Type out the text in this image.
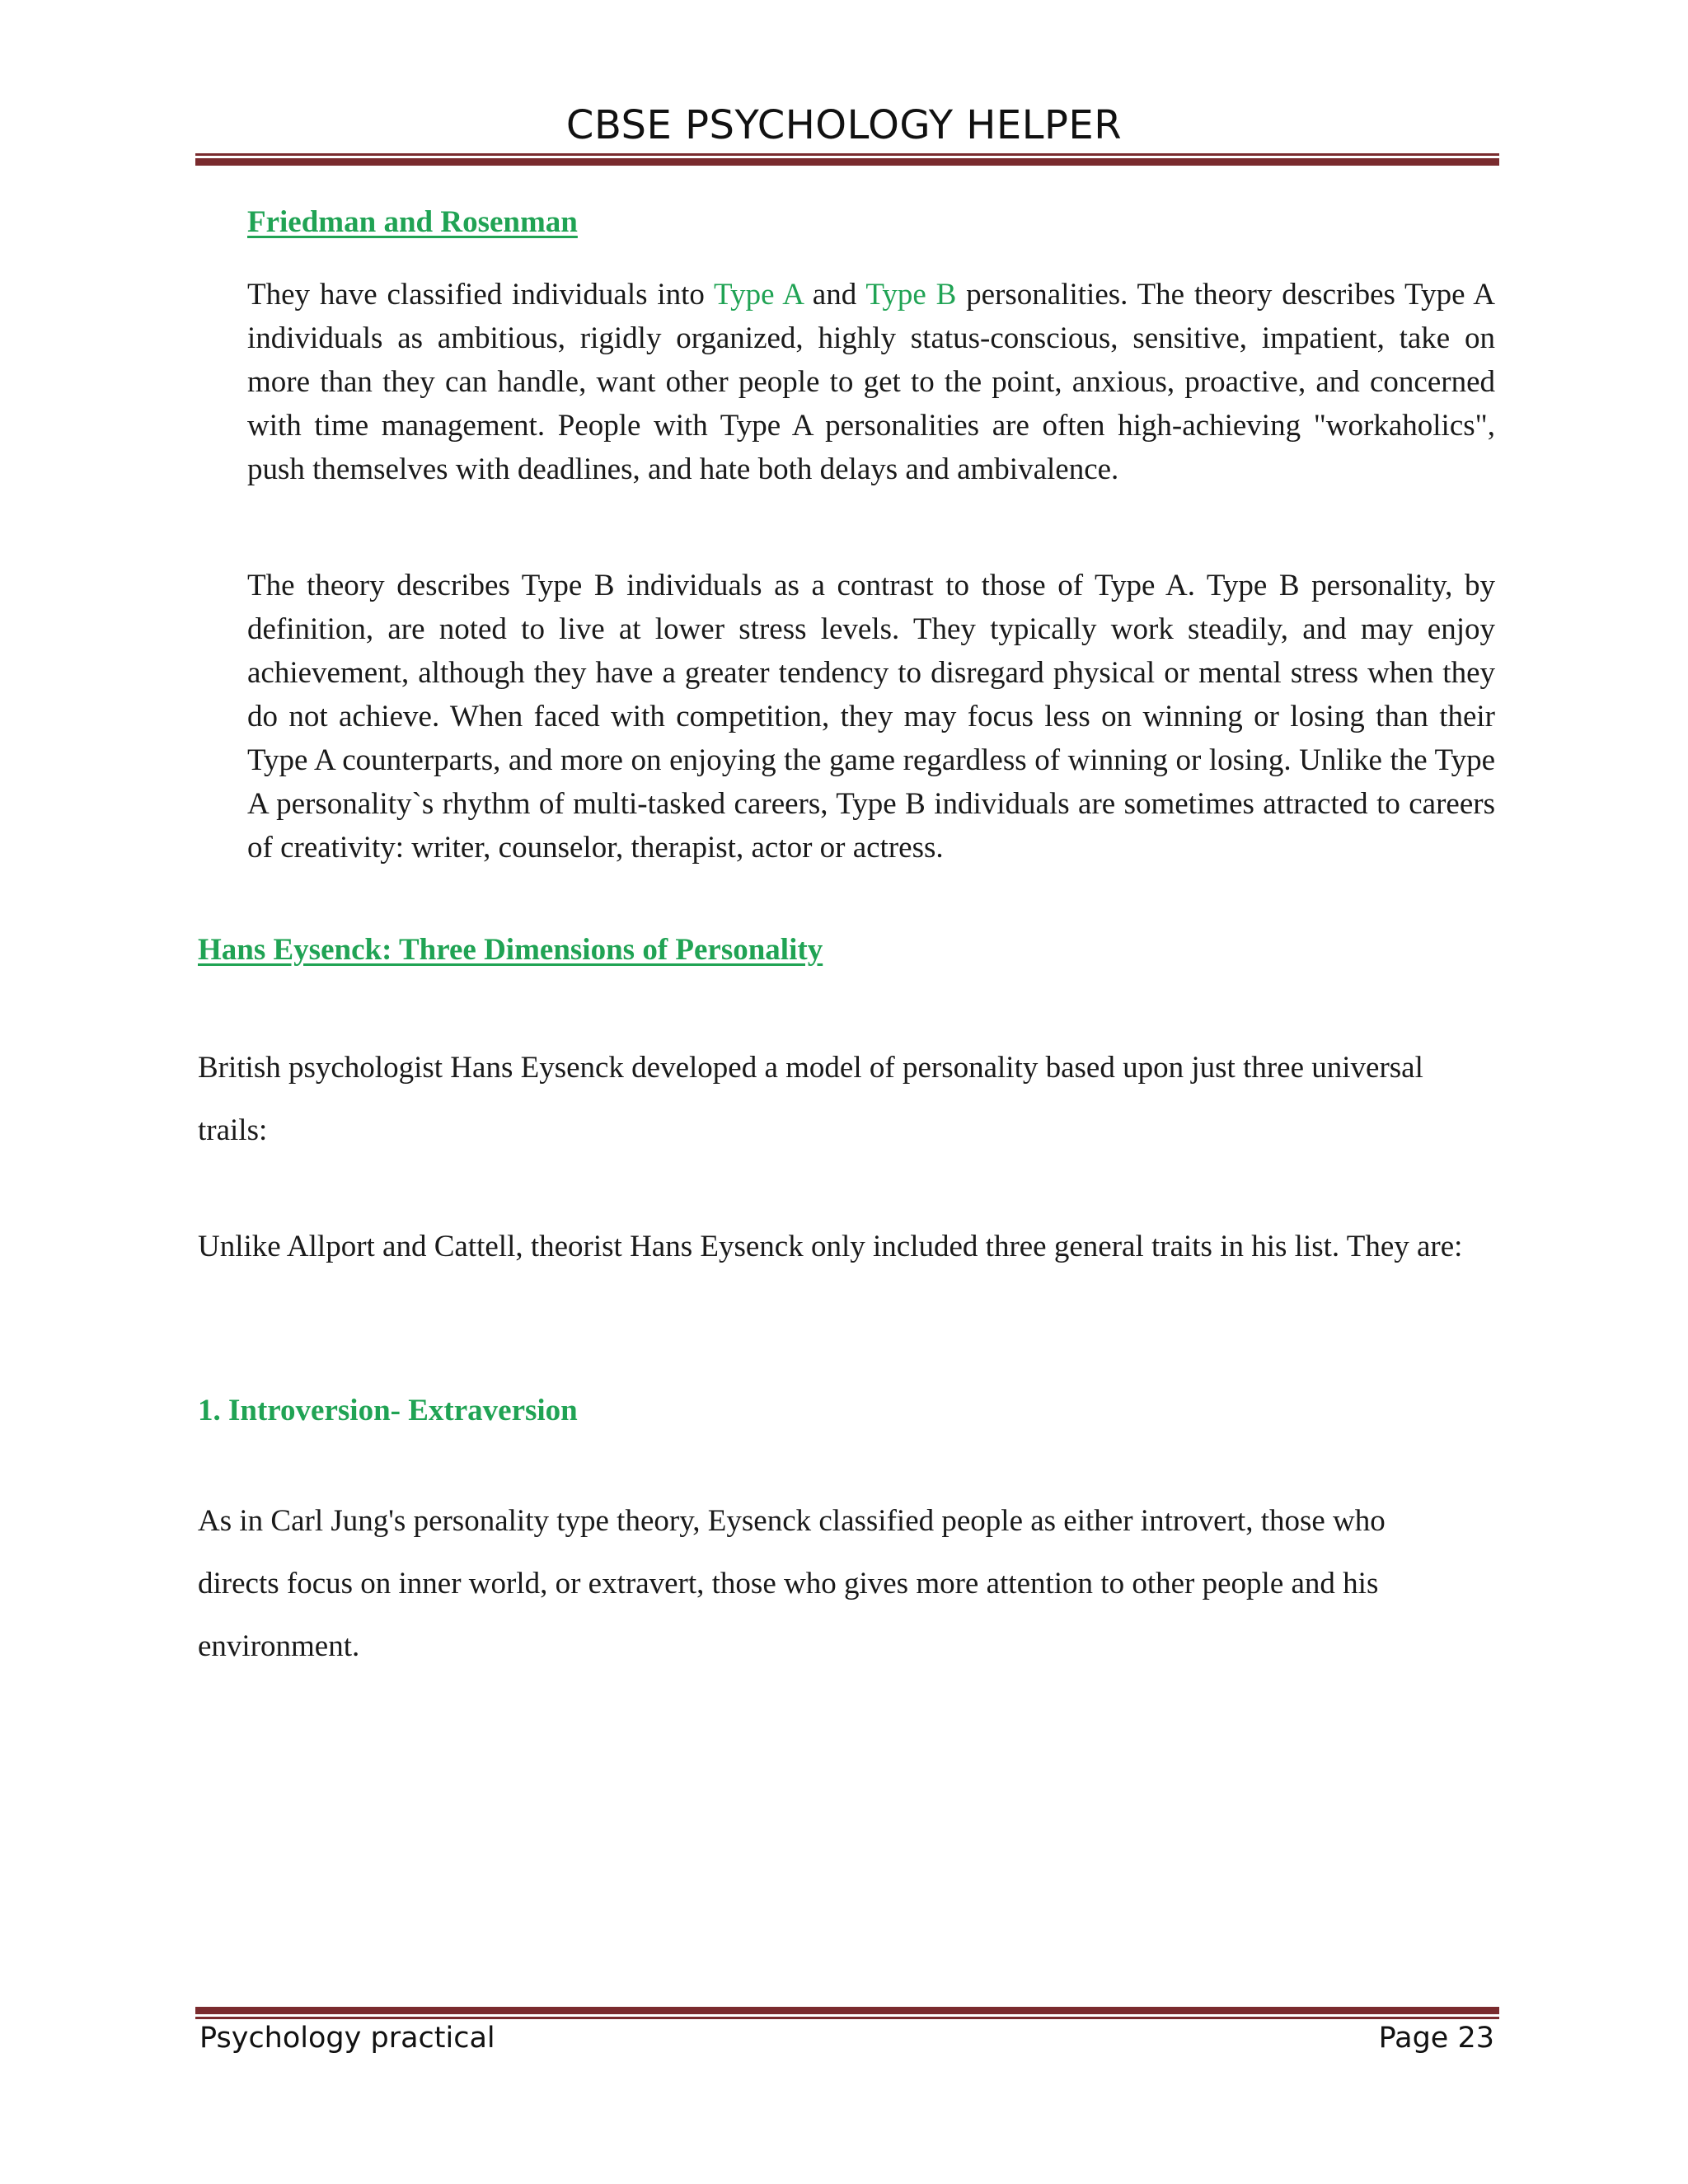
CBSE PSYCHOLOGY HELPER
Friedman and Rosenman
They have classified individuals into Type A and Type B personalities. The theory describes Type A individuals as ambitious, rigidly organized, highly status-conscious, sensitive, impatient, take on more than they can handle, want other people to get to the point, anxious, proactive, and concerned with time management. People with Type A personalities are often high-achieving "workaholics", push themselves with deadlines, and hate both delays and ambivalence.
The theory describes Type B individuals as a contrast to those of Type A. Type B personality, by definition, are noted to live at lower stress levels. They typically work steadily, and may enjoy achievement, although they have a greater tendency to disregard physical or mental stress when they do not achieve. When faced with competition, they may focus less on winning or losing than their Type A counterparts, and more on enjoying the game regardless of winning or losing. Unlike the Type A personality`s rhythm of multi-tasked careers, Type B individuals are sometimes attracted to careers of creativity: writer, counselor, therapist, actor or actress.
Hans Eysenck: Three Dimensions of Personality
British psychologist Hans Eysenck developed a model of personality based upon just three universal trails:
Unlike Allport and Cattell, theorist Hans Eysenck only included three general traits in his list. They are:
1. Introversion- Extraversion
As in Carl Jung's personality type theory, Eysenck classified people as either introvert, those who directs focus on inner world, or extravert, those who gives more attention to other people and his environment.
Psychology practical	Page 23
